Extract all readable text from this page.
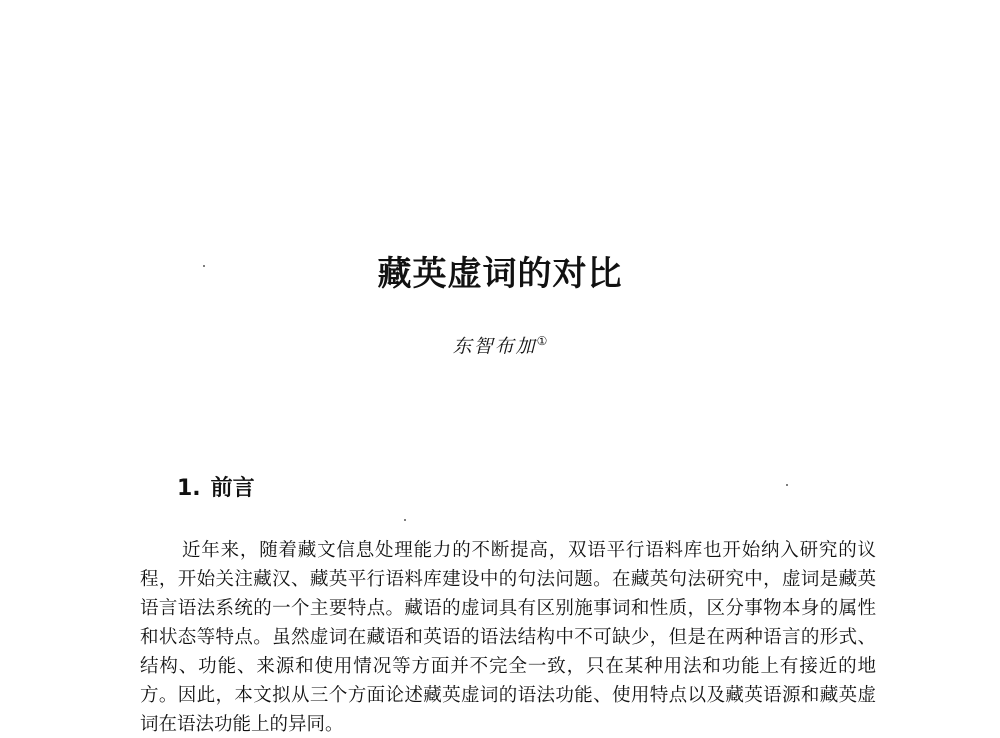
藏英虚词的对比
东智布加①
1. 前言

近年来，随着藏文信息处理能力的不断提高，双语平行语料库也开始纳入研究的议程，开始关注藏汉、藏英平行语料库建设中的句法问题。在藏英句法研究中，虚词是藏英语言语法系统的一个主要特点。藏语的虚词具有区别施事词和性质，区分事物本身的属性和状态等特点。虽然虚词在藏语和英语的语法结构中不可缺少，但是在两种语言的形式、结构、功能、来源和使用情况等方面并不完全一致，只在某种用法和功能上有接近的地方。因此，本文拟从三个方面论述藏英虚词的语法功能、使用特点以及藏英语源和藏英虚词在语法功能上的异同。
